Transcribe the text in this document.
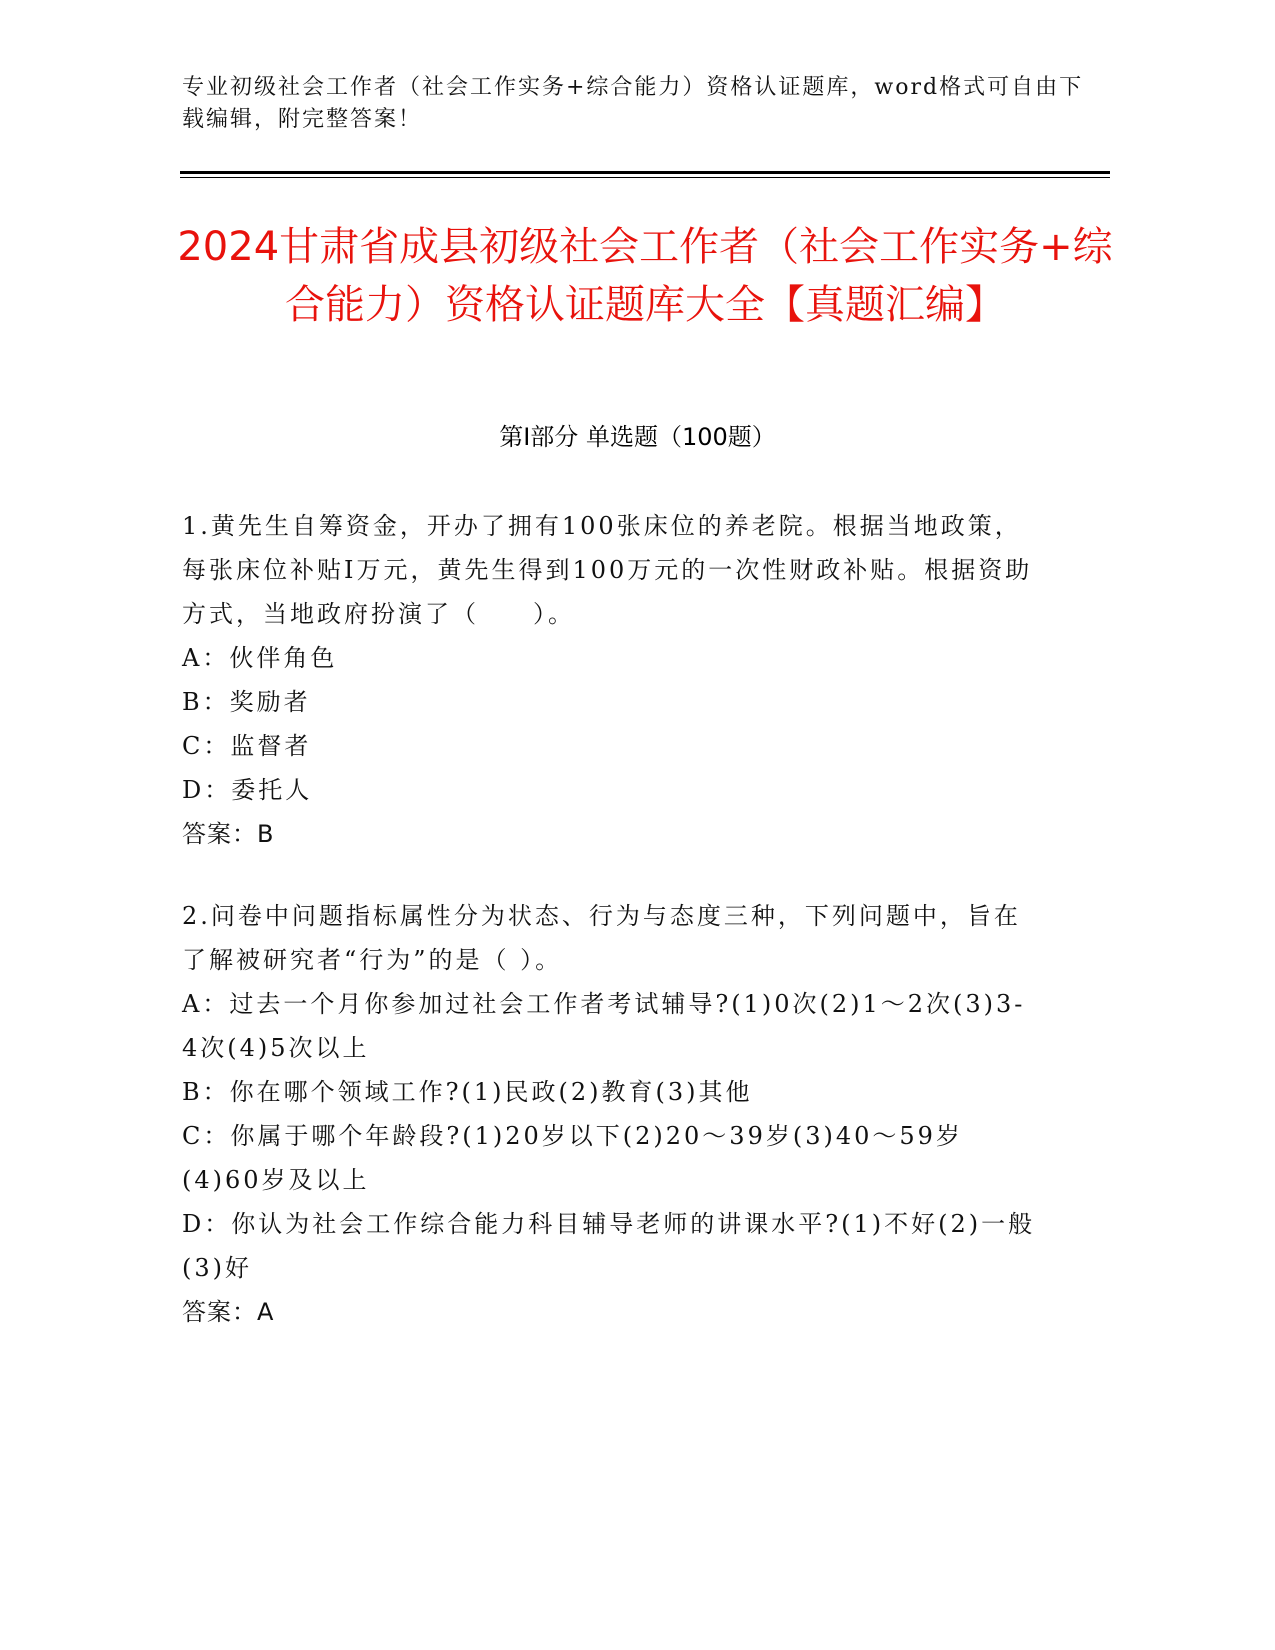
专业初级社会工作者（社会工作实务+综合能力）资格认证题库，word格式可自由下载编辑，附完整答案！
2024甘肃省成县初级社会工作者（社会工作实务+综合能力）资格认证题库大全【真题汇编】
第Ⅰ部分 单选题（100题）

1.黄先生自筹资金，开办了拥有100张床位的养老院。根据当地政策，每张床位补贴Ⅰ万元，黄先生得到100万元的一次性财政补贴。根据资助方式，当地政府扮演了（　　）。

A：伙伴角色

B：奖励者

C：监督者

D：委托人

答案：B

2.问卷中问题指标属性分为状态、行为与态度三种，下列问题中，旨在了解被研究者“行为”的是（ ）。

A：过去一个月你参加过社会工作者考试辅导?(1)0次(2)1～2次(3)3-4次(4)5次以上

B：你在哪个领域工作?(1)民政(2)教育(3)其他

C：你属于哪个年龄段?(1)20岁以下(2)20～39岁(3)40～59岁(4)60岁及以上

D：你认为社会工作综合能力科目辅导老师的讲课水平?(1)不好(2)一般(3)好

答案：A
